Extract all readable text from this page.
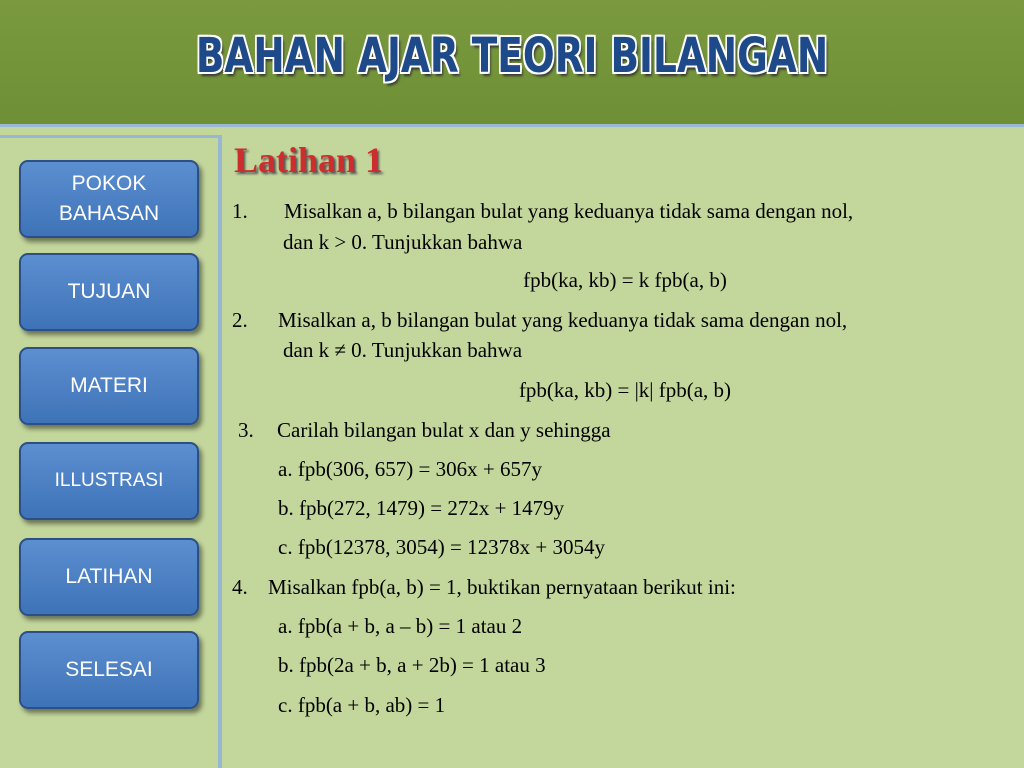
BAHAN AJAR TEORI BILANGAN
POKOK
BAHASAN
TUJUAN
MATERI
ILLUSTRASI
LATIHAN
SELESAI
Latihan 1
1. Misalkan a, b bilangan bulat yang keduanya tidak sama dengan nol,
dan k > 0. Tunjukkan bahwa
fpb(ka, kb) = k fpb(a, b)
2. Misalkan a, b bilangan bulat yang keduanya tidak sama dengan nol,
dan k ≠ 0. Tunjukkan bahwa
fpb(ka, kb) = |k| fpb(a, b)
3. Carilah bilangan bulat x dan y sehingga
a. fpb(306, 657) = 306x + 657y
b. fpb(272, 1479) = 272x + 1479y
c. fpb(12378, 3054) = 12378x + 3054y
4. Misalkan fpb(a, b) = 1, buktikan pernyataan berikut ini:
a. fpb(a + b, a – b) = 1 atau 2
b. fpb(2a + b, a + 2b) = 1 atau 3
c. fpb(a + b, ab) = 1
